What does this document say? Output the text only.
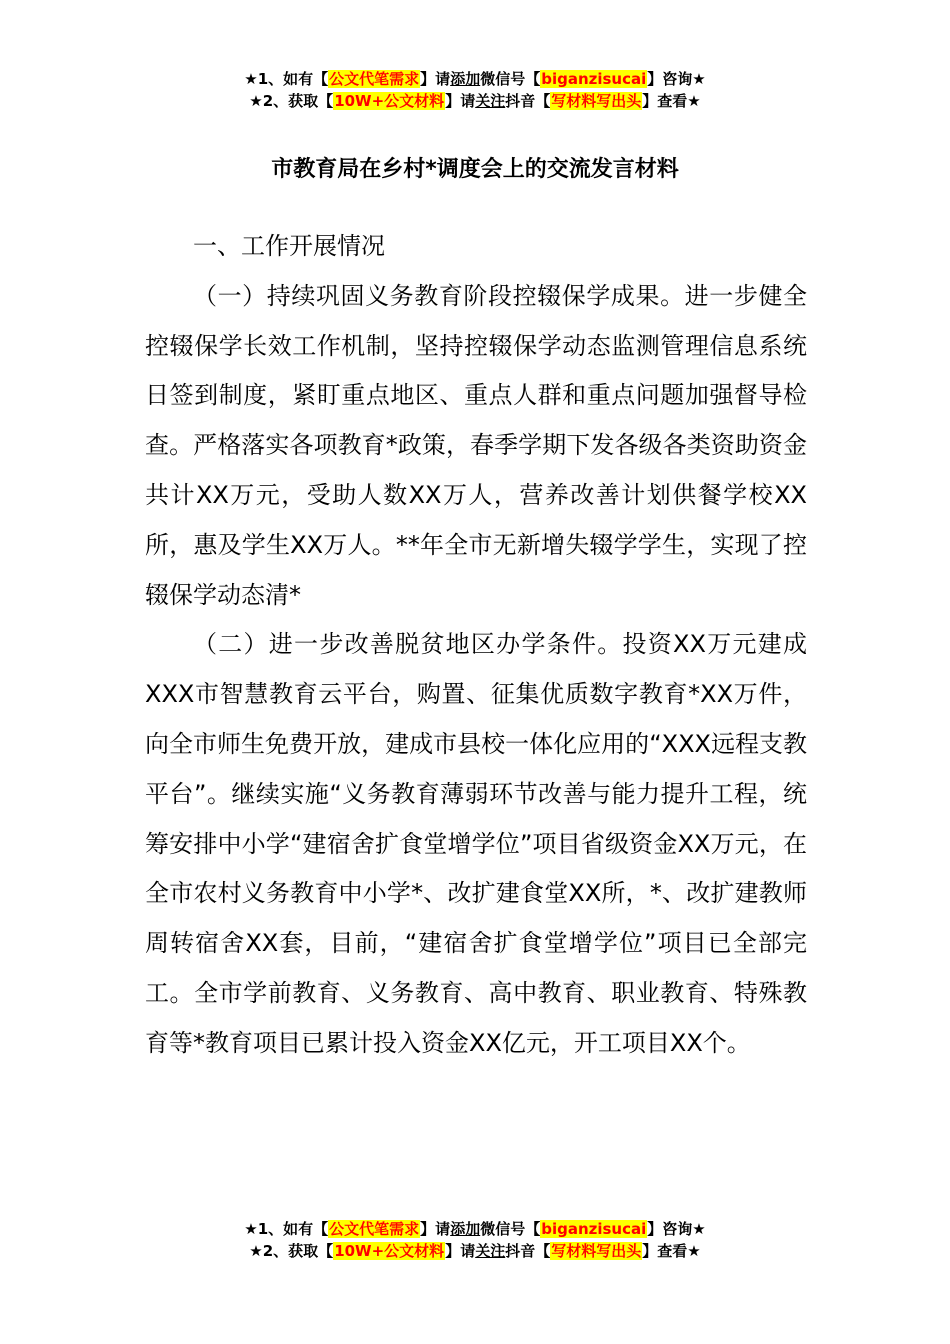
★1、如有【公文代笔需求】请添加微信号【biganzisucai】咨询★
★2、获取【10W+公文材料】请关注抖音【写材料写出头】查看★
市教育局在乡村*调度会上的交流发言材料

一、工作开展情况

（一）持续巩固义务教育阶段控辍保学成果。进一步健全控辍保学长效工作机制，坚持控辍保学动态监测管理信息系统日签到制度，紧盯重点地区、重点人群和重点问题加强督导检查。严格落实各项教育*政策，春季学期下发各级各类资助资金共计XX万元，受助人数XX万人，营养改善计划供餐学校XX所，惠及学生XX万人。**年全市无新增失辍学学生，实现了控辍保学动态清*

（二）进一步改善脱贫地区办学条件。投资XX万元建成XXX市智慧教育云平台，购置、征集优质数字教育*XX万件，向全市师生免费开放，建成市县校一体化应用的“XXX远程支教平台”。继续实施“义务教育薄弱环节改善与能力提升工程，统筹安排中小学“建宿舍扩食堂增学位”项目省级资金XX万元，在全市农村义务教育中小学*、改扩建食堂XX所，*、改扩建教师周转宿舍XX套，目前，“建宿舍扩食堂增学位”项目已全部完工。全市学前教育、义务教育、高中教育、职业教育、特殊教育等*教育项目已累计投入资金XX亿元，开工项目XX个。

★1、如有【公文代笔需求】请添加微信号【biganzisucai】咨询★
★2、获取【10W+公文材料】请关注抖音【写材料写出头】查看★
